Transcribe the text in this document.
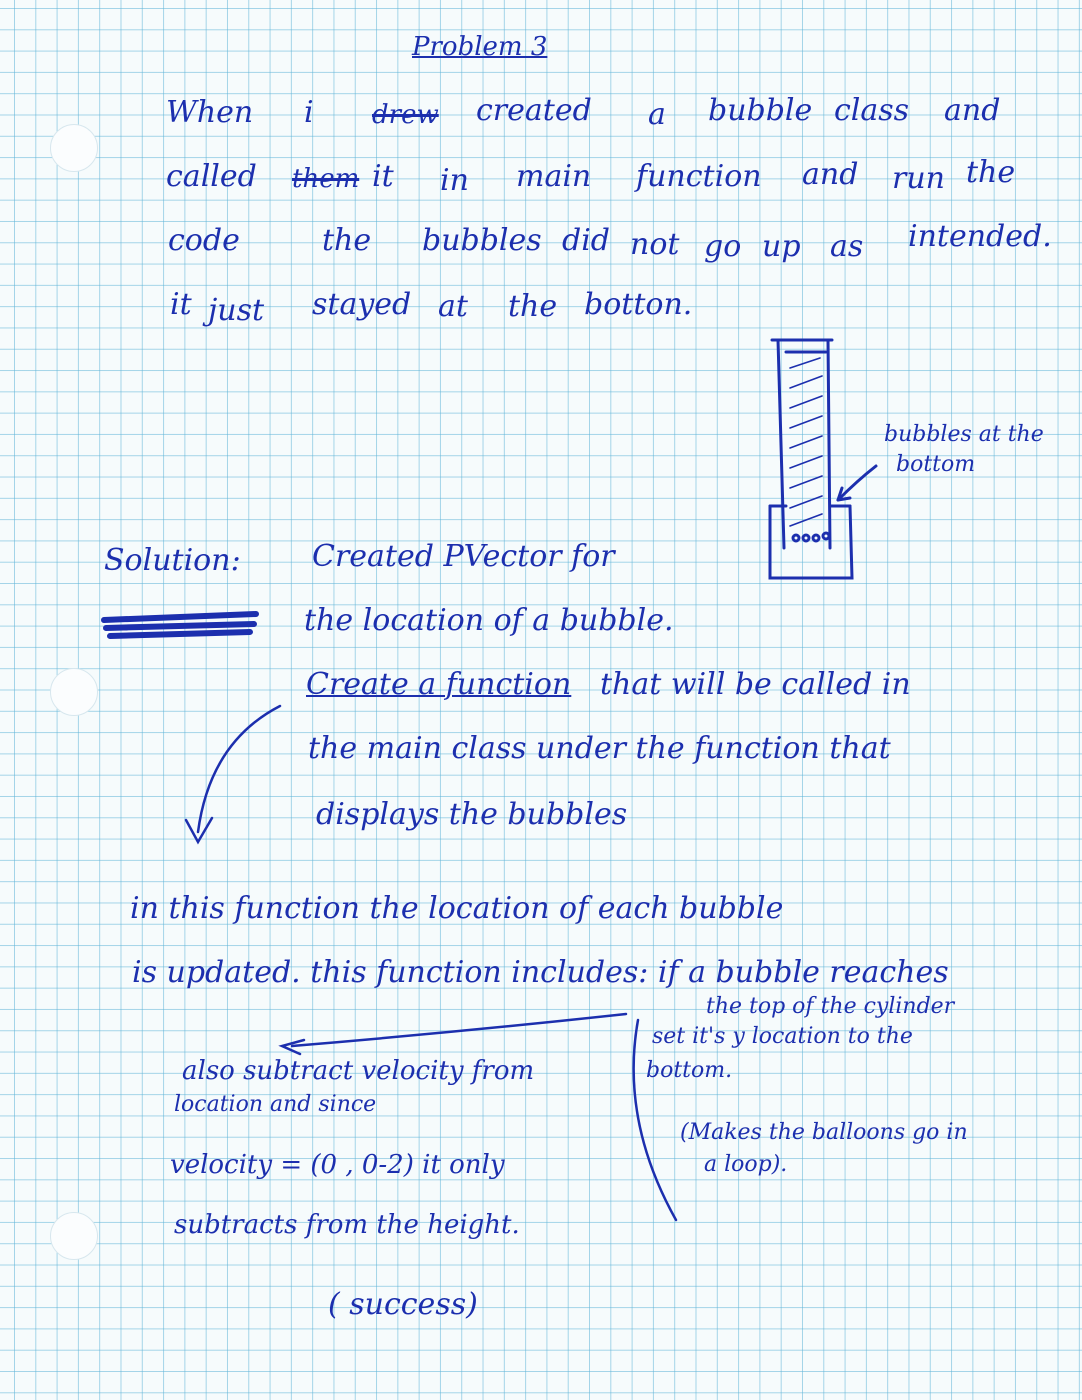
Problem 3
When i drew created a bubble class and
called them it in main function and run the
code	the bubbles did not go up as intended.
it just stayed at the botton.
bubbles at the
bottom
Solution: Created PVector for
the location of a bubble.
Create a function that will be called in
the main class under the function that
displays the bubbles
in this function the location of each bubble
is updated. this function includes: if a bubble reaches
the top of the cylinder
set it's y location to the
bottom.
(Makes the balloons go in
a loop).
also subtract velocity from
location and since
velocity = (0 , 0-2) it only
subtracts from the height.
( success)
